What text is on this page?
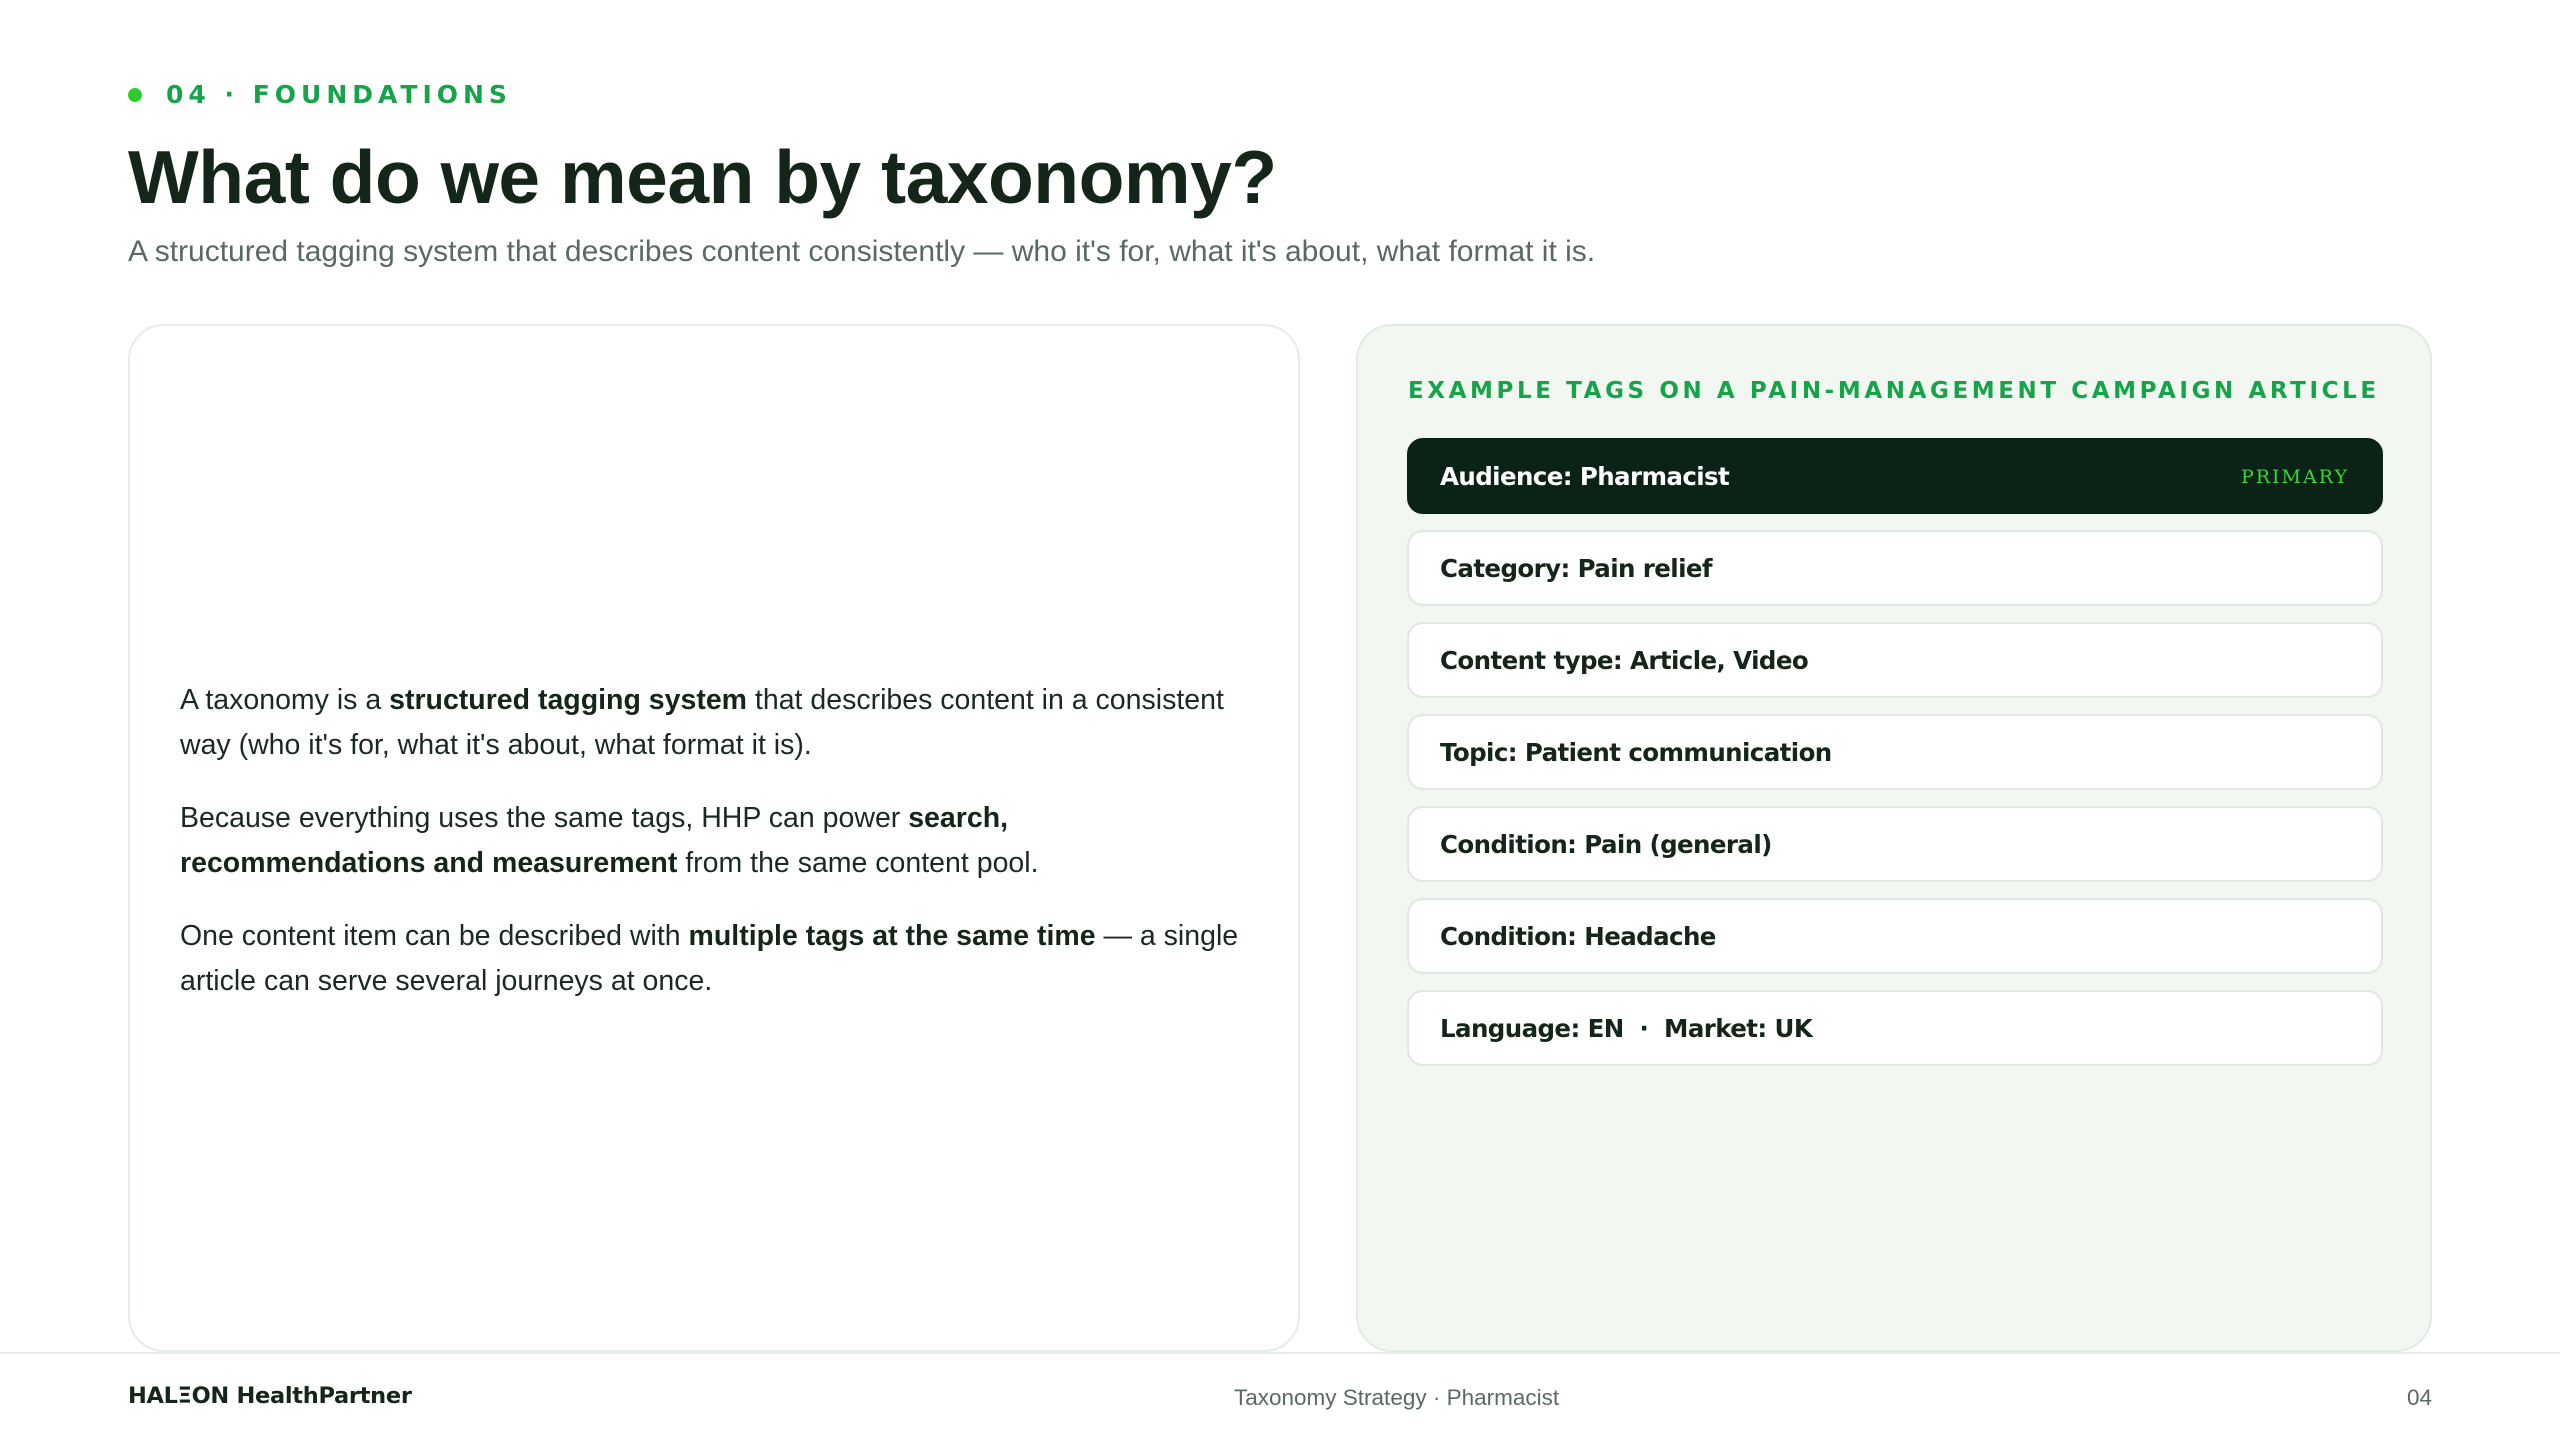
04 · FOUNDATIONS
What do we mean by taxonomy?
A structured tagging system that describes content consistently — who it's for, what it's about, what format it is.

A taxonomy is a structured tagging system that describes content in a consistent way (who it's for, what it's about, what format it is).

Because everything uses the same tags, HHP can power search, recommendations and measurement from the same content pool.

One content item can be described with multiple tags at the same time — a single article can serve several journeys at once.

EXAMPLE TAGS ON A PAIN-MANAGEMENT CAMPAIGN ARTICLE
Audience: Pharmacist	PRIMARY
Category: Pain relief
Content type: Article, Video
Topic: Patient communication
Condition: Pain (general)
Condition: Headache
Language: EN  ·  Market: UK
HALΞON HealthPartner	Taxonomy Strategy · Pharmacist	04
